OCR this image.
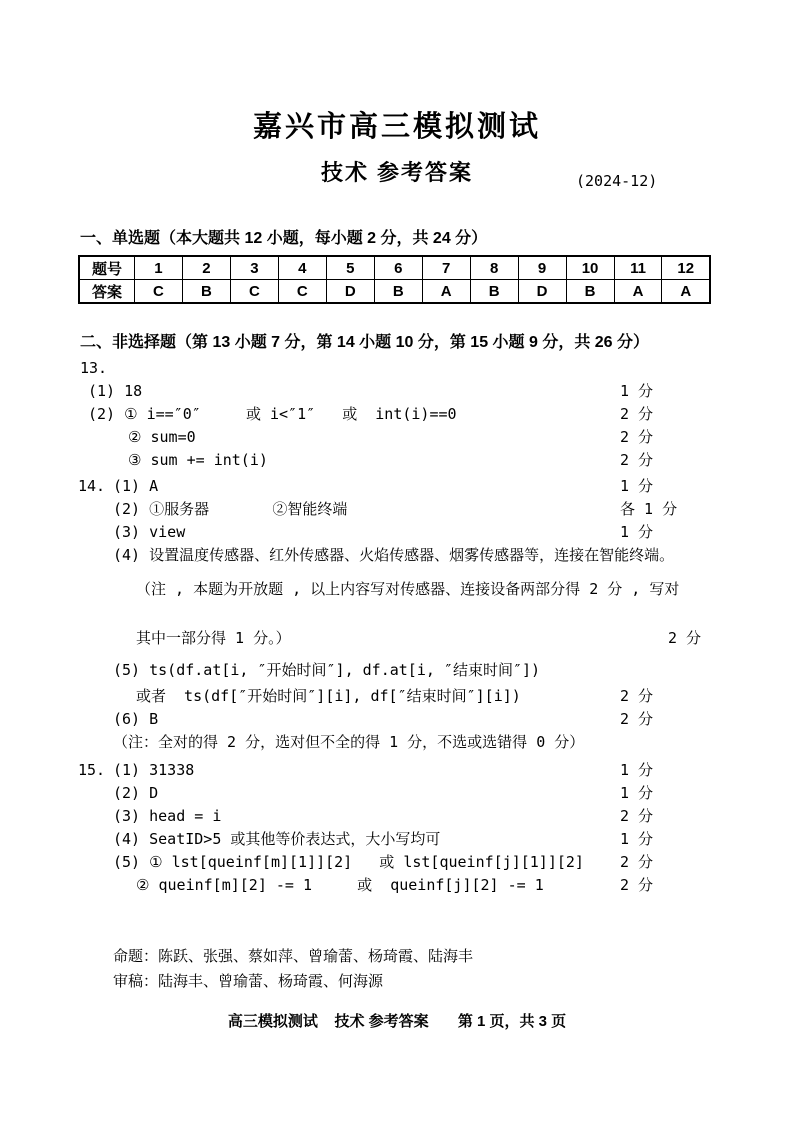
嘉兴市高三模拟测试
技术 参考答案	(2024-12)
一、单选题（本大题共 12 小题，每小题 2 分，共 24 分）
题号	1	2	3	4	5	6	7	8	9	10	11	12
答案	C	B	C	C	D	B	A	B	D	B	A	A
二、非选择题（第 13 小题 7 分，第 14 小题 10 分，第 15 小题 9 分，共 26 分）
13.
(1) 18	1 分
(2) ① i==″0″     或 i<″1″   或  int(i)==0	2 分
② sum=0	2 分
③ sum += int(i)	2 分
14. (1) A	1 分
(2) ①服务器       ②智能终端	各 1 分
(3) view	1 分
(4) 设置温度传感器、红外传感器、火焰传感器、烟雾传感器等，连接在智能终端。
（注 , 本题为开放题 , 以上内容写对传感器、连接设备两部分得 2 分 , 写对
其中一部分得 1 分。）	2 分
(5) ts(df.at[i, ″开始时间″], df.at[i, ″结束时间″])
或者  ts(df[″开始时间″][i], df[″结束时间″][i])	2 分
(6) B	2 分
（注：全对的得 2 分，选对但不全的得 1 分，不选或选错得 0 分）
15. (1) 31338	1 分
(2) D	1 分
(3) head = i	2 分
(4) SeatID>5 或其他等价表达式，大小写均可	1 分
(5) ① lst[queinf[m][1]][2]   或 lst[queinf[j][1]][2] 2 分
② queinf[m][2] -= 1     或  queinf[j][2] -= 1	2 分
命题：陈跃、张强、蔡如萍、曾瑜蕾、杨琦霞、陆海丰
审稿：陆海丰、曾瑜蕾、杨琦霞、何海源
高三模拟测试    技术 参考答案       第 1 页，共 3 页
